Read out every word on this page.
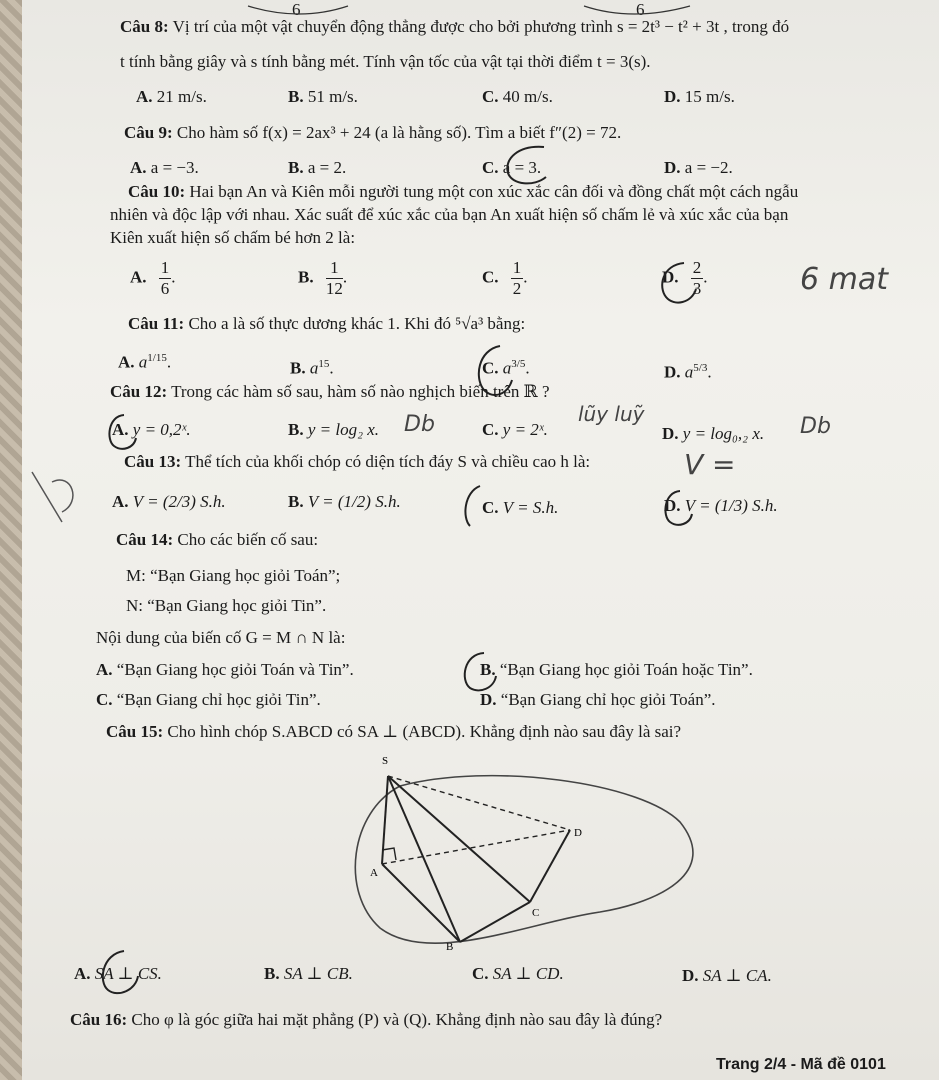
6	6
Câu 8: Vị trí của một vật chuyển động thẳng được cho bởi phương trình s = 2t³ − t² + 3t , trong đó
t tính bằng giây và s tính bằng mét. Tính vận tốc của vật tại thời điểm t = 3(s).
A. 21 m/s.	B. 51 m/s.	C. 40 m/s.	D. 15 m/s.
Câu 9: Cho hàm số f(x) = 2ax³ + 24 (a là hằng số). Tìm a biết f″(2) = 72.
A. a = −3.	B. a = 2.	C. a = 3.	D. a = −2.
Câu 10: Hai bạn An và Kiên mỗi người tung một con xúc xắc cân đối và đồng chất một cách ngẫu
nhiên và độc lập với nhau. Xác suất để xúc xắc của bạn An xuất hiện số chấm lẻ và xúc xắc của bạn
Kiên xuất hiện số chấm bé hơn 2 là:
A. $\frac{1}{6}$ .	B. $\frac{1}{12}$ .	C. $\frac{1}{2}$ .	D. $\frac{2}{3}$ .	6 mat
Câu 11: Cho a là số thực dương khác 1. Khi đó ⁵√a³ bằng:
A. $a^{1/15}$.	B. $a^{15}$.	C. $a^{3/5}$.	D. $a^{5/3}$.
Câu 12: Trong các hàm số sau, hàm số nào nghịch biến trên ℝ ?
A. y = 0,2ˣ.	B. y = log₂ x.	C. y = 2ˣ.	D. y = log₀,₂ x.
Db	Db
lũy luỹ
Câu 13: Thể tích của khối chóp có diện tích đáy S và chiều cao h là:	V =
A. V = (2/3) S.h.	B. V = (1/2) S.h.	C. V = S.h.	D. V = (1/3) S.h.
Câu 14: Cho các biến cố sau:
M: “Bạn Giang học giỏi Toán”;
N: “Bạn Giang học giỏi Tin”.
Nội dung của biến cố G = M ∩ N là:
A. “Bạn Giang học giỏi Toán và Tin”.	B. “Bạn Giang học giỏi Toán hoặc Tin”.
C. “Bạn Giang chỉ học giỏi Tin”.	D. “Bạn Giang chỉ học giỏi Toán”.
Câu 15: Cho hình chóp S.ABCD có SA ⊥ (ABCD). Khẳng định nào sau đây là sai?
S
D
A
C
B
A. SA ⊥ CS.	B. SA ⊥ CB.	C. SA ⊥ CD.	D. SA ⊥ CA.
Câu 16: Cho φ là góc giữa hai mặt phẳng (P) và (Q). Khẳng định nào sau đây là đúng?
Trang 2/4 - Mã đề 0101
